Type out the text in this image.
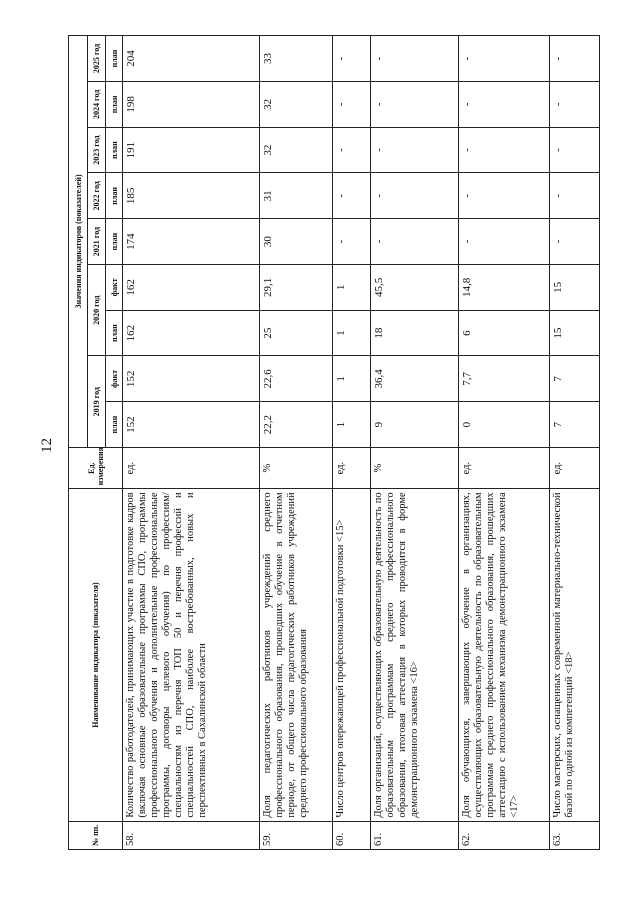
12
№ пп.	Наименование индикатора (показателя)	Ед. измерения	Значения индикаторов (показателей)								
			2019 год		2020 год		2021 год	2022 год	2023 год	2024 год	2025 год
			план	факт	план	факт	план	план	план	план	план
58.	Количество работодателей, принимающих участие в подготовке кадров (включая основные образовательные программы СПО, программы профессионального обучения и дополнительные профессиональные программы, договоры целевого обучения) по профессиям/специальностям из перечня ТОП 50 и перечня профессий и специальностей СПО, наиболее востребованных, новых и перспективных в Сахалинской области	ед.	152	152	162	162	174	185	191	198	204
59.	Доля педагогических работников учреждений среднего профессионального образования, прошедших обучение в отчетном периоде, от общего числа педагогических работников учреждений среднего профессионального образования	%	22,2	22,6	25	29,1	30	31	32	32	33
60.	Число центров опережающей профессиональной подготовки <15>	ед.	1	1	1	1	-	-	-	-	-
61.	Доля организаций, осуществляющих образовательную деятельность по образовательным программам среднего профессионального образования, итоговая аттестация в которых проводится в форме демонстрационного экзамена <16>	%	9	36,4	18	45,5	-	-	-	-	-
62.	Доля обучающихся, завершающих обучение в организациях, осуществляющих образовательную деятельность по образовательным программам среднего профессионального образования, прошедших аттестацию с использованием механизма демонстрационного экзамена <17>	ед.	0	7,7	6	14,8	-	-	-	-	-
63.	Число мастерских, оснащенных современной материально-технической базой по одной из компетенций <18>	ед.	7	7	15	15	-	-	-	-	-
